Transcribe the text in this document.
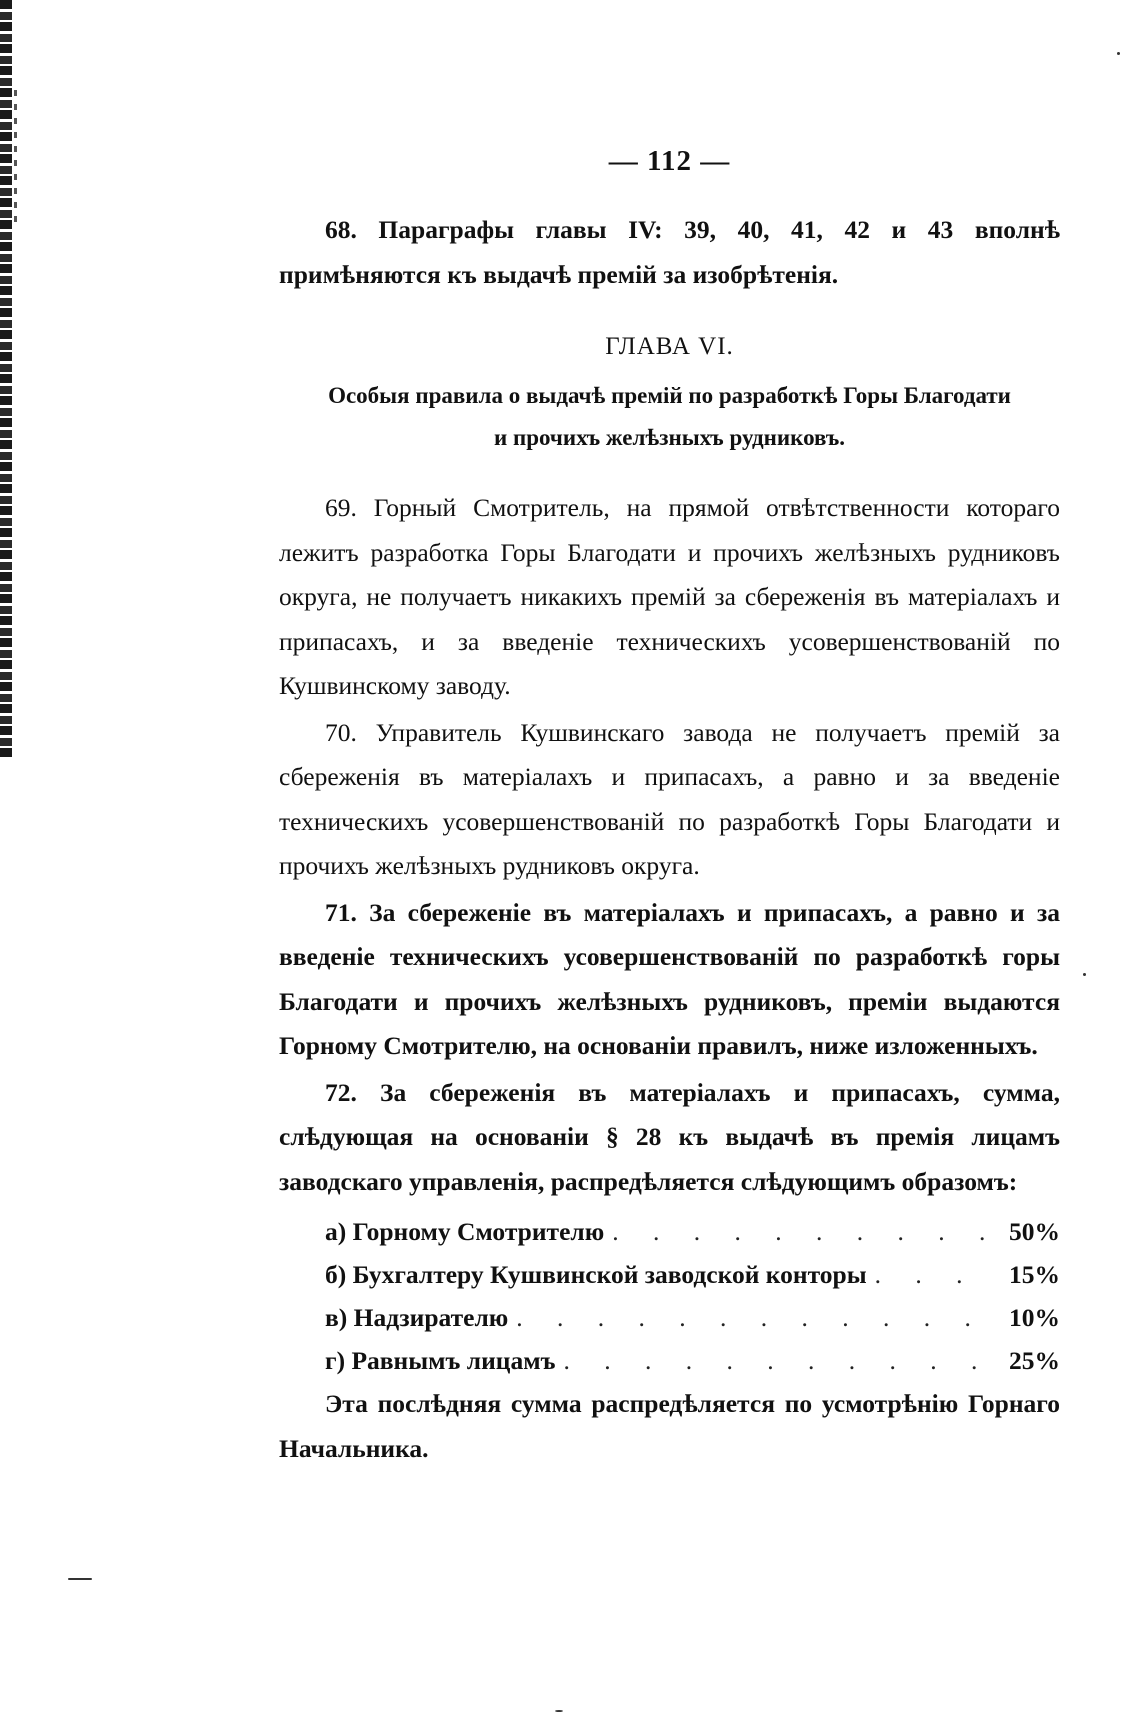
— 112 —

68. Параграфы главы IV: 39, 40, 41, 42 и 43 вполнѣ примѣняются къ выдачѣ премій за изобрѣтенія.

ГЛАВА VI.
Особыя правила о выдачѣ премій по разработкѣ Горы Благодати
и прочихъ желѣзныхъ рудниковъ.

69. Горный Смотритель, на прямой отвѣтственности котораго лежитъ разработка Горы Благодати и прочихъ желѣзныхъ рудниковъ округа, не получаетъ никакихъ премій за сбереженія въ матеріалахъ и припасахъ, и за введеніе техническихъ усовершенствованій по Кушвинскому заводу.

70. Управитель Кушвинскаго завода не получаетъ премій за сбереженія въ матеріалахъ и припасахъ, а равно и за введеніе техническихъ усовершенствованій по разработкѣ Горы Благодати и прочихъ желѣзныхъ рудниковъ округа.

71. За сбереженіе въ матеріалахъ и припасахъ, а равно и за введеніе техническихъ усовершенствованій по разработкѣ горы Благодати и прочихъ желѣзныхъ рудниковъ, преміи выдаются Горному Смотрителю, на основаніи правилъ, ниже изложенныхъ.

72. За сбереженія въ матеріалахъ и припасахъ, сумма, слѣдующая на основаніи § 28 къ выдачѣ въ премія лицамъ заводскаго управленія, распредѣляется слѣдующимъ образомъ:

а) Горному Смотрителю . . .	50%
б) Бухгалтеру Кушвинской заводской конторы . . .	15%
в) Надзирателю . . .	10%
г) Равнымъ лицамъ . . .	25%

Эта послѣдняя сумма распредѣляется по усмотрѣнію Горнаго Начальника.
